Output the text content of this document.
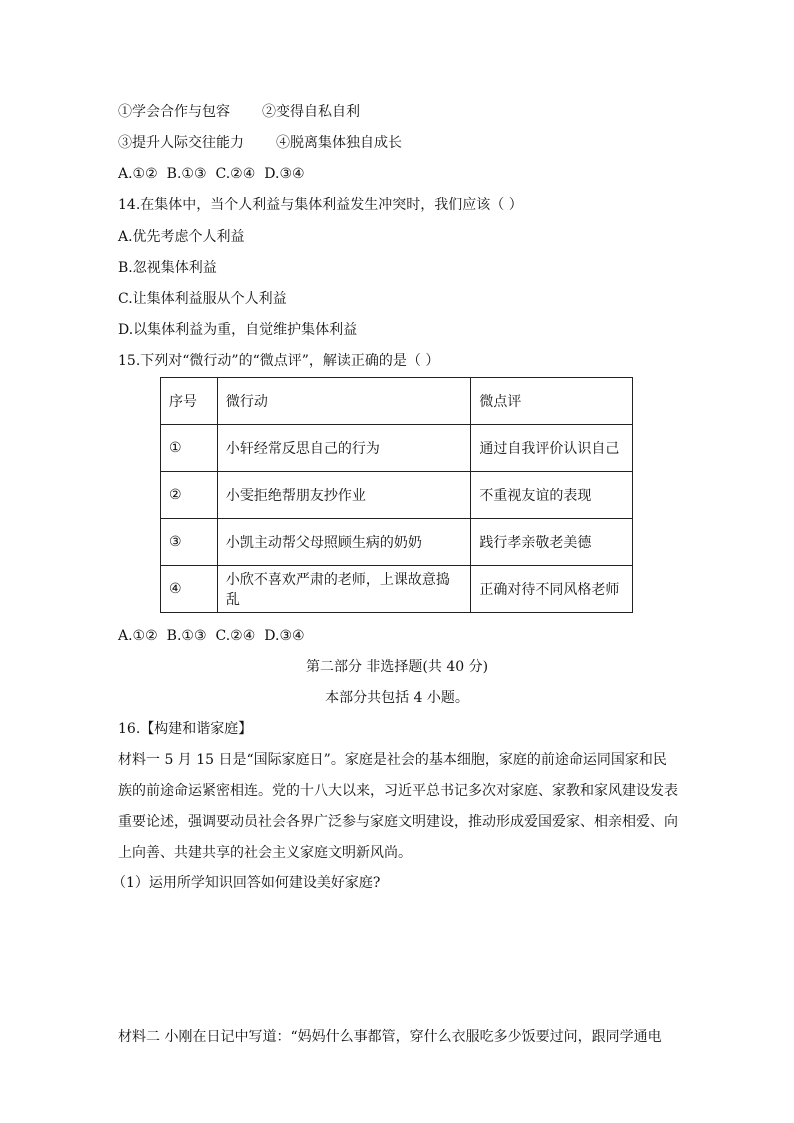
①学会合作与包容 ②变得自私自利
③提升人际交往能力 ④脱离集体独自成长
A.①② B.①③ C.②④ D.③④
14.在集体中，当个人利益与集体利益发生冲突时，我们应该（ ）
A.优先考虑个人利益
B.忽视集体利益
C.让集体利益服从个人利益
D.以集体利益为重，自觉维护集体利益
15.下列对“微行动”的“微点评”，解读正确的是（ ）
序号	微行动	微点评
①	小轩经常反思自己的行为	通过自我评价认识自己
②	小雯拒绝帮朋友抄作业	不重视友谊的表现
③	小凯主动帮父母照顾生病的奶奶	践行孝亲敬老美德
④	小欣不喜欢严肃的老师，上课故意捣乱	正确对待不同风格老师
A.①② B.①③ C.②④ D.③④
第二部分 非选择题(共 40 分)
本部分共包括 4 小题。
16.【构建和谐家庭】

材料一 5 月 15 日是“国际家庭日”。家庭是社会的基本细胞，家庭的前途命运同国家和民

族的前途命运紧密相连。党的十八大以来，习近平总书记多次对家庭、家教和家风建设发表

重要论述，强调要动员社会各界广泛参与家庭文明建设，推动形成爱国爱家、相亲相爱、向

上向善、共建共享的社会主义家庭文明新风尚。

（1）运用所学知识回答如何建设美好家庭?
材料二 小刚在日记中写道：“妈妈什么事都管，穿什么衣服吃多少饭要过问，跟同学通电
